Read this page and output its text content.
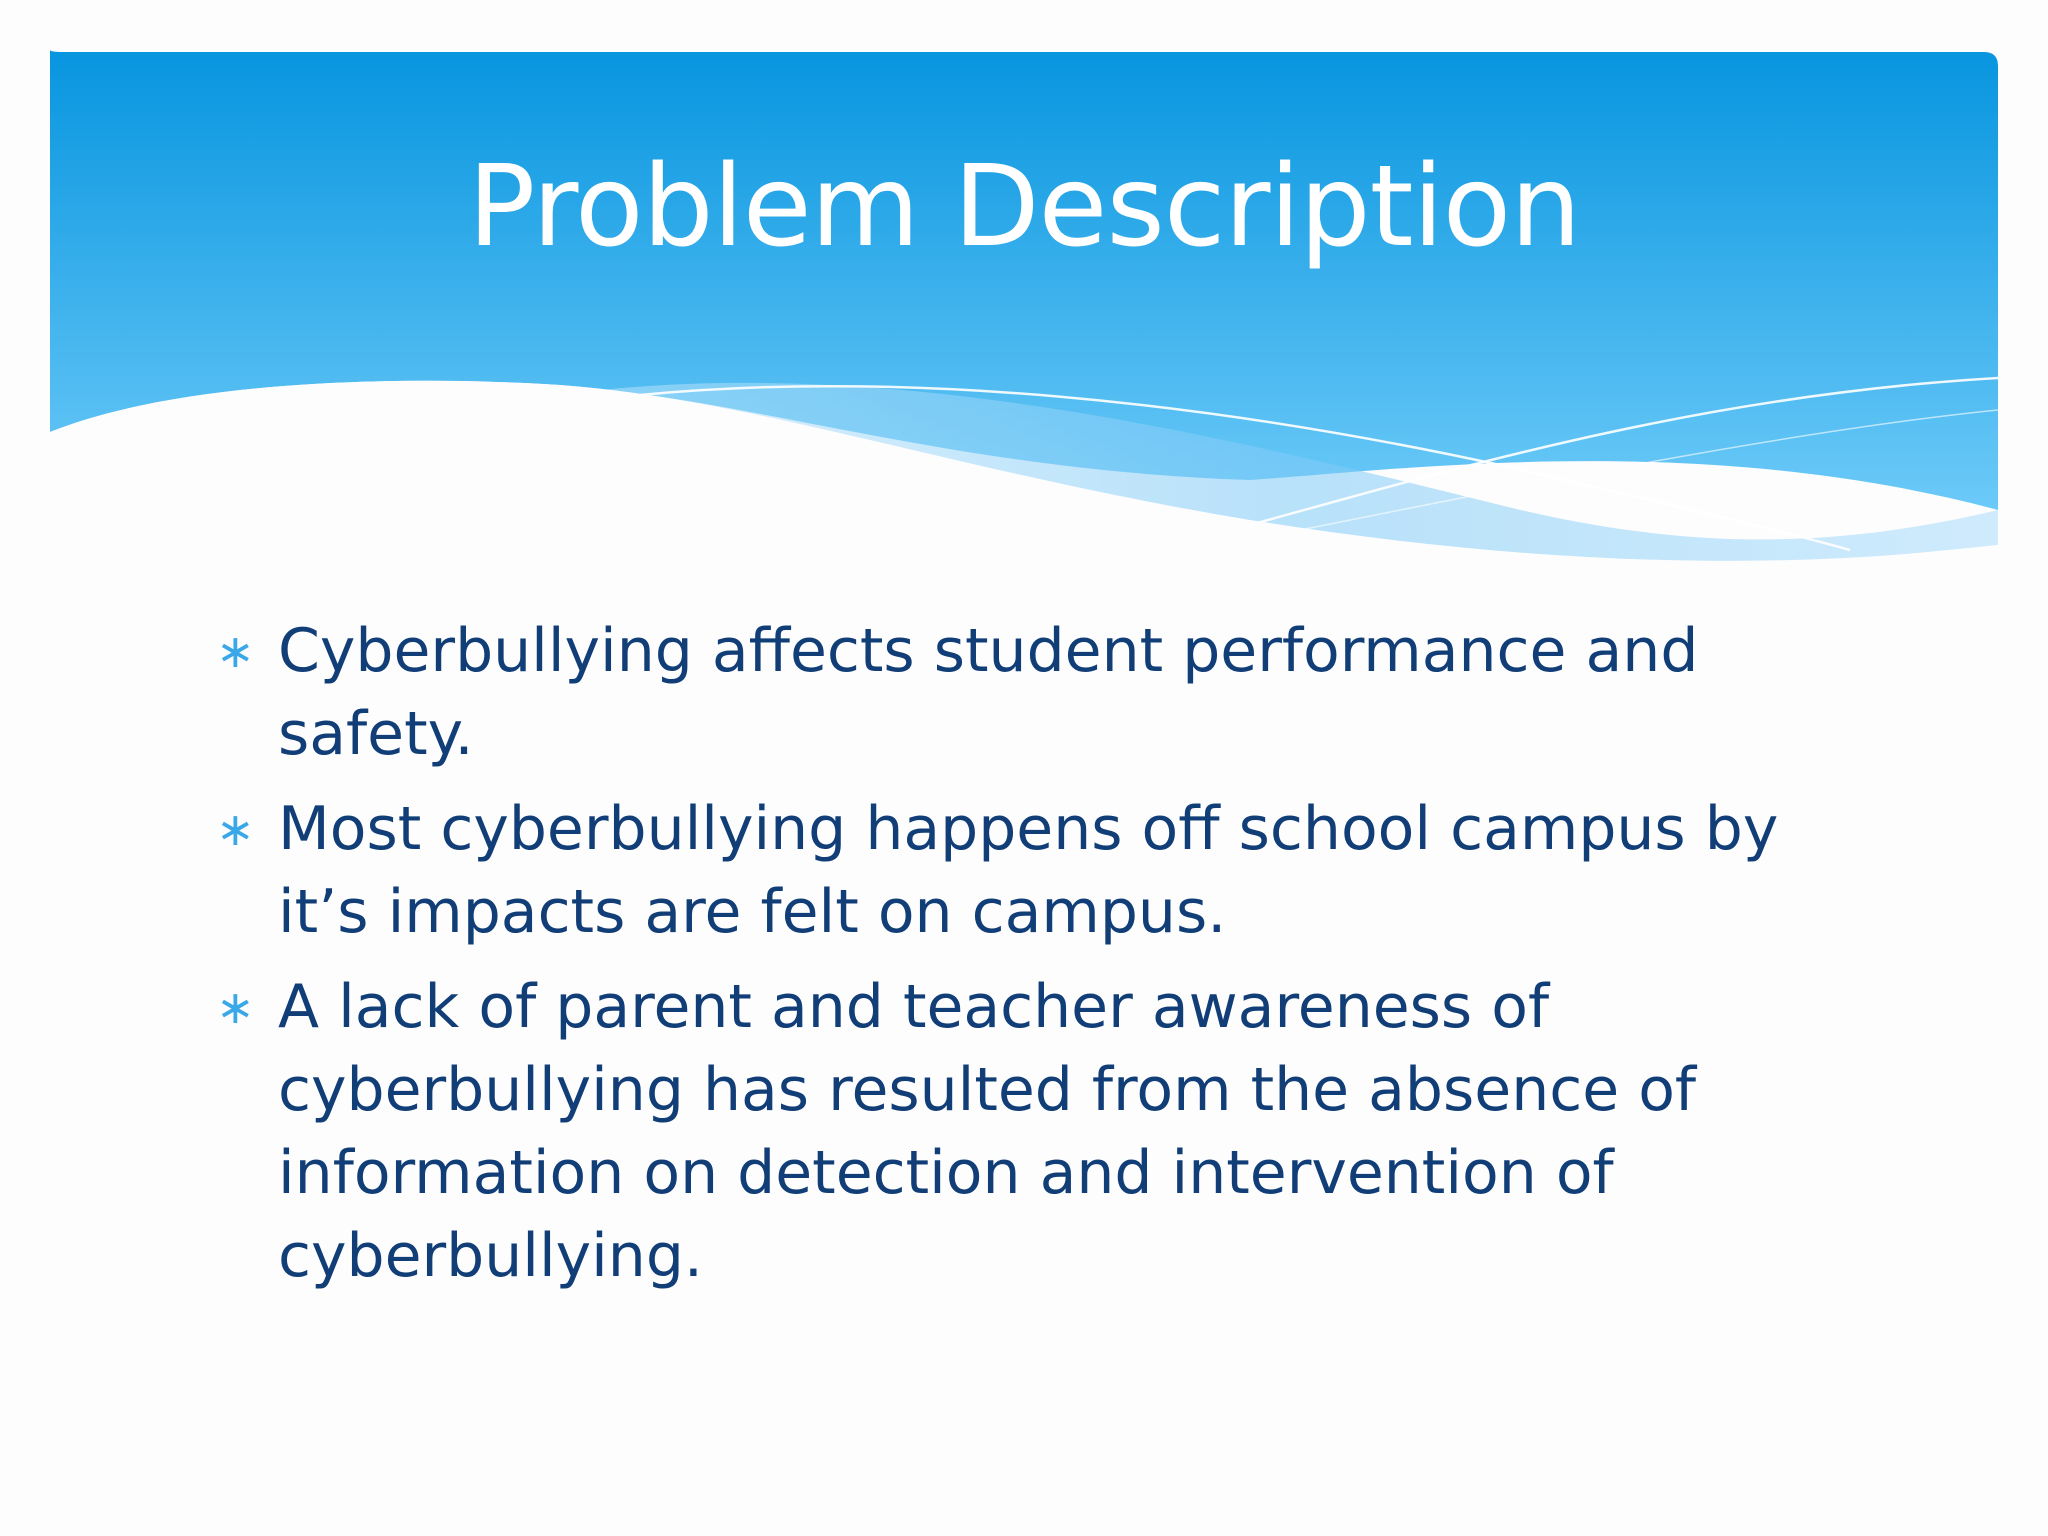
Problem Description
∗ Cyberbullying affects student performance and safety.
∗ Most cyberbullying happens off school campus by it’s impacts are felt on campus.
∗ A lack of parent and teacher awareness of cyberbullying has resulted from the absence of information on detection and intervention of cyberbullying.
